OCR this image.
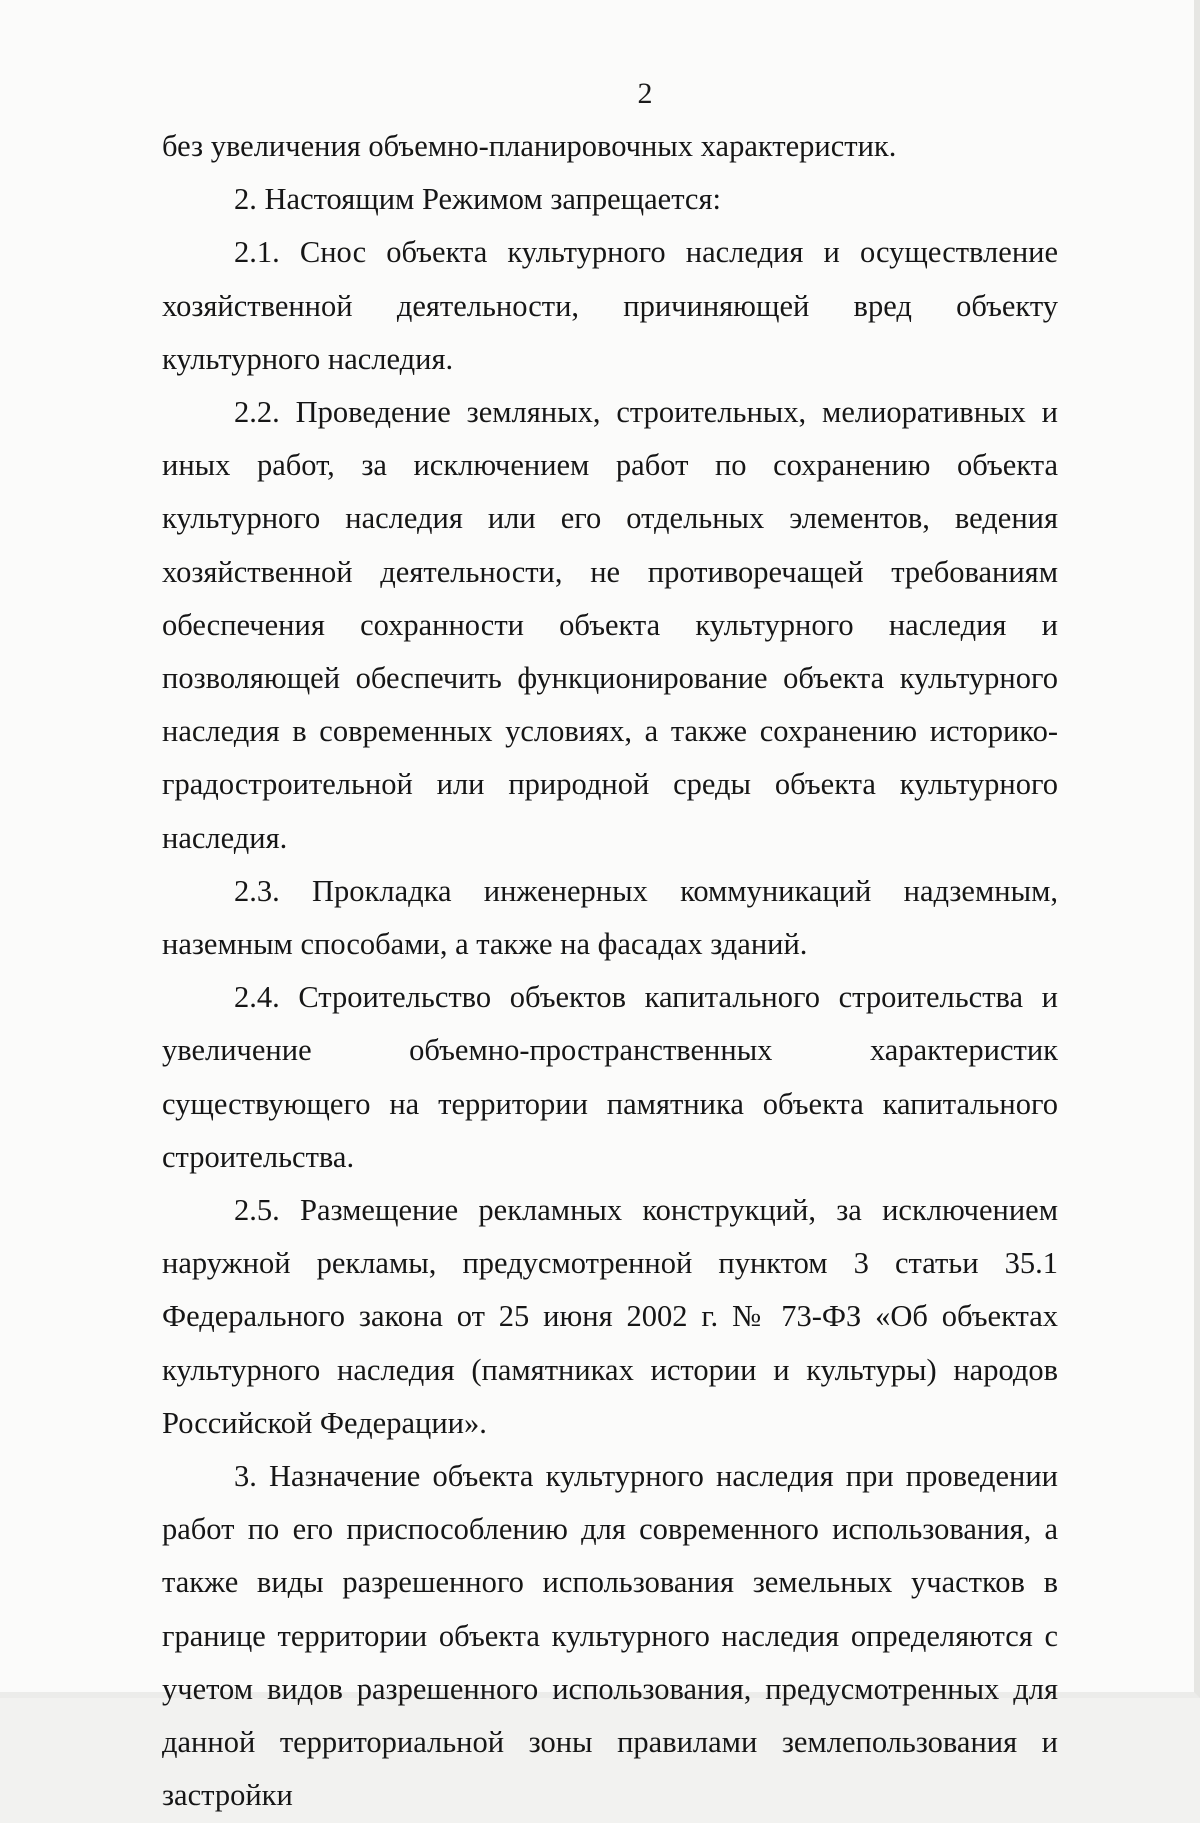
2

без увеличения объемно-планировочных характеристик.

2. Настоящим Режимом запрещается:

2.1. Снос объекта культурного наследия и осуществление хозяйственной деятельности, причиняющей вред объекту культурного наследия.

2.2. Проведение земляных, строительных, мелиоративных и иных работ, за исключением работ по сохранению объекта культурного наследия или его отдельных элементов, ведения хозяйственной деятельности, не противоречащей требованиям обеспечения сохранности объекта культурного наследия и позволяющей обеспечить функционирование объекта культурного наследия в современных условиях, а также сохранению историко-градостроительной или природной среды объекта культурного наследия.

2.3. Прокладка инженерных коммуникаций надземным, наземным способами, а также на фасадах зданий.

2.4. Строительство объектов капитального строительства и увеличение объемно-пространственных характеристик существующего на территории памятника объекта капитального строительства.

2.5. Размещение рекламных конструкций, за исключением наружной рекламы, предусмотренной пунктом 3 статьи 35.1 Федерального закона от 25 июня 2002 г. № 73-ФЗ «Об объектах культурного наследия (памятниках истории и культуры) народов Российской Федерации».

3. Назначение объекта культурного наследия при проведении работ по его приспособлению для современного использования, а также виды разрешенного использования земельных участков в границе территории объекта культурного наследия определяются с учетом видов разрешенного использования, предусмотренных для данной территориальной зоны правилами землепользования и застройки
